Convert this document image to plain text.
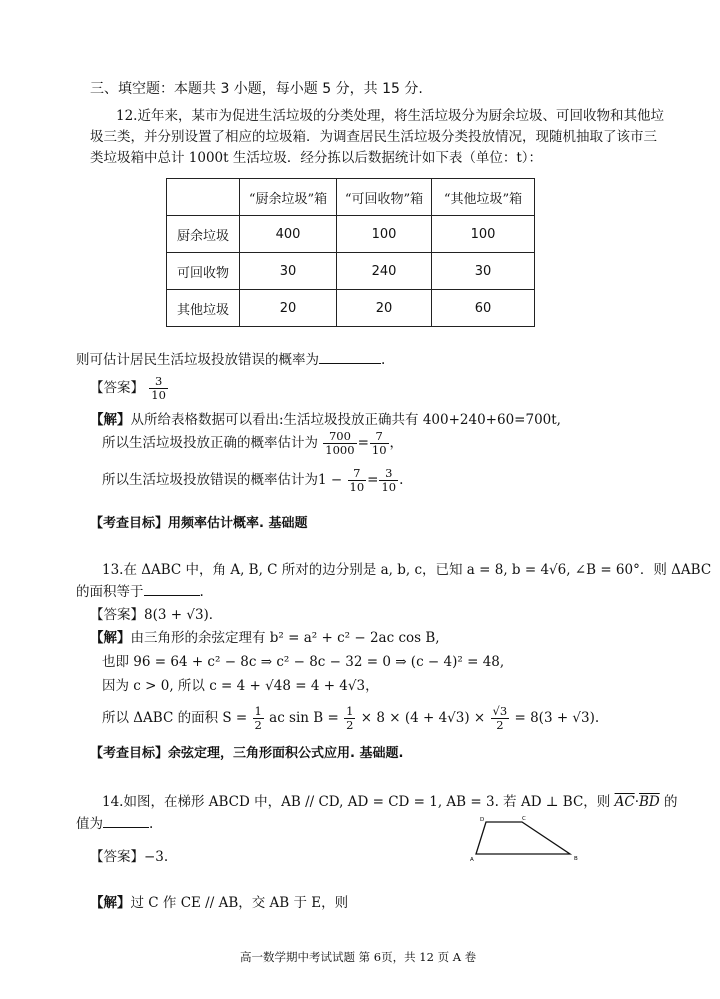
三、填空题：本题共 3 小题，每小题 5 分，共 15 分.
12.近年来，某市为促进生活垃圾的分类处理，将生活垃圾分为厨余垃圾、可回收物和其他垃
圾三类，并分别设置了相应的垃圾箱．为调查居民生活垃圾分类投放情况，现随机抽取了该市三
类垃圾箱中总计 1000t 生活垃圾．经分拣以后数据统计如下表（单位：t）：
	“厨余垃圾”箱	“可回收物”箱	“其他垃圾”箱
厨余垃圾	400	100	100
可回收物	30	240	30
其他垃圾	20	20	60
则可估计居民生活垃圾投放错误的概率为	.
【答案】 $\frac{3}{10}$
【解】从所给表格数据可以看出:生活垃圾投放正确共有 400+240+60=700t,
所以生活垃圾投放正确的概率估计为 $\frac{700}{1000} = \frac{7}{10}$ ，
所以生活垃圾投放错误的概率估计为$1 - \frac{7}{10} = \frac{3}{10}$ .
【考查目标】用频率估计概率. 基础题
13.在 ΔABC 中，角 A, B, C 所对的边分别是 a, b, c，已知 a = 8, b = 4√6, ∠B = 60°．则 ΔABC
的面积等于	.
【答案】8(3 + √3)．
【解】由三角形的余弦定理有 b² = a² + c² − 2ac cos B,
也即 96 = 64 + c² − 8c ⇒ c² − 8c − 32 = 0 ⇒ (c − 4)² = 48,
因为 c > 0, 所以 c = 4 + √48 = 4 + 4√3，
所以 ΔABC 的面积 $S = \frac{1}{2}$ ac $\sin B = \frac{1}{2} \times 8 \times (4 + 4√3) \times \frac{√3}{2} = 8(3 + √3)$.
【考查目标】余弦定理，三角形面积公式应用. 基础题.
14.如图，在梯形 ABCD 中，AB // CD, AD = CD = 1, AB = 3. 若 AD ⊥ BC，则 $\overline{AC}\cdot\overline{BD}$ 的
值为	.	D	C
A	B
【答案】−3.
【解】过 C 作 CE // AB，交 AB 于 E，则
高一数学期中考试试题 第 6页，共 12 页 A 卷
